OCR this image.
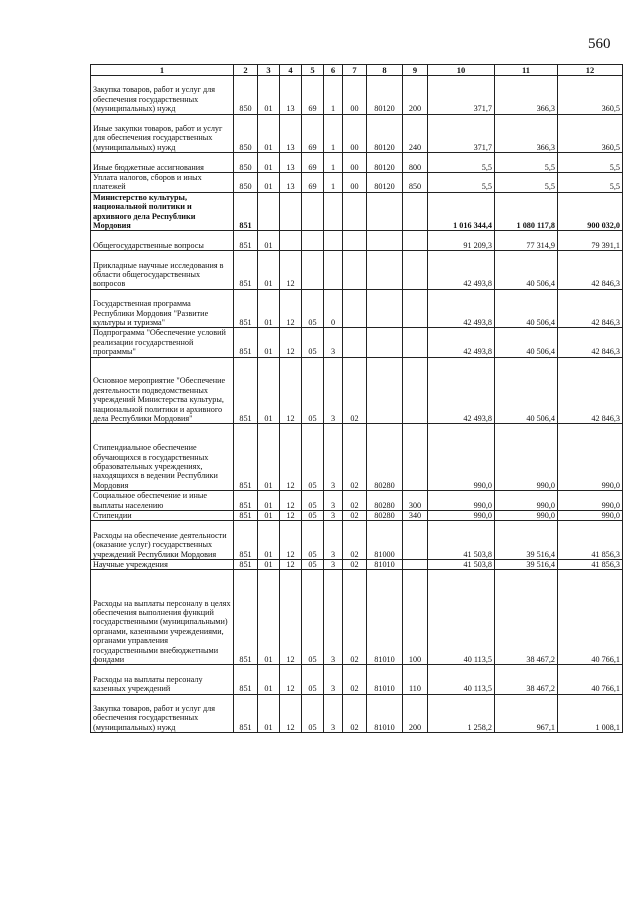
560
1	2	3	4	5	6	7	8	9	10	11	12
Закупка товаров, работ и услуг для обеспечения государственных (муниципальных) нужд	850	01	13	69	1	00	80120	200	371,7	366,3	360,5
Иные закупки товаров, работ и услуг для обеспечения государственных (муниципальных) нужд	850	01	13	69	1	00	80120	240	371,7	366,3	360,5
Иные бюджетные ассигнования	850	01	13	69	1	00	80120	800	5,5	5,5	5,5
Уплата налогов, сборов и иных платежей	850	01	13	69	1	00	80120	850	5,5	5,5	5,5
Министерство культуры, национальной политики и архивного дела Республики Мордовия	851								1 016 344,4	1 080 117,8	900 032,0
Общегосударственные вопросы	851	01							91 209,3	77 314,9	79 391,1
Прикладные научные исследования в области общегосударственных вопросов	851	01	12						42 493,8	40 506,4	42 846,3
Государственная программа Республики Мордовия "Развитие культуры и туризма"	851	01	12	05	0				42 493,8	40 506,4	42 846,3
Подпрограмма "Обеспечение условий реализации государственной программы"	851	01	12	05	3				42 493,8	40 506,4	42 846,3
Основное мероприятие "Обеспечение деятельности подведомственных учреждений Министерства культуры, национальной политики и архивного дела Республики Мордовия"	851	01	12	05	3	02			42 493,8	40 506,4	42 846,3
Стипендиальное обеспечение обучающихся в государственных образовательных учреждениях, находящихся в ведении Республики Мордовия	851	01	12	05	3	02	80280		990,0	990,0	990,0
Социальное обеспечение и иные выплаты населению	851	01	12	05	3	02	80280	300	990,0	990,0	990,0
Стипендии	851	01	12	05	3	02	80280	340	990,0	990,0	990,0
Расходы на обеспечение деятельности (оказание услуг) государственных учреждений Республики Мордовия	851	01	12	05	3	02	81000		41 503,8	39 516,4	41 856,3
Научные учреждения	851	01	12	05	3	02	81010		41 503,8	39 516,4	41 856,3
Расходы на выплаты персоналу в целях обеспечения выполнения функций государственными (муниципальными) органами, казенными учреждениями, органами управления государственными внебюджетными фондами	851	01	12	05	3	02	81010	100	40 113,5	38 467,2	40 766,1
Расходы на выплаты персоналу казенных учреждений	851	01	12	05	3	02	81010	110	40 113,5	38 467,2	40 766,1
Закупка товаров, работ и услуг для обеспечения государственных (муниципальных) нужд	851	01	12	05	3	02	81010	200	1 258,2	967,1	1 008,1
